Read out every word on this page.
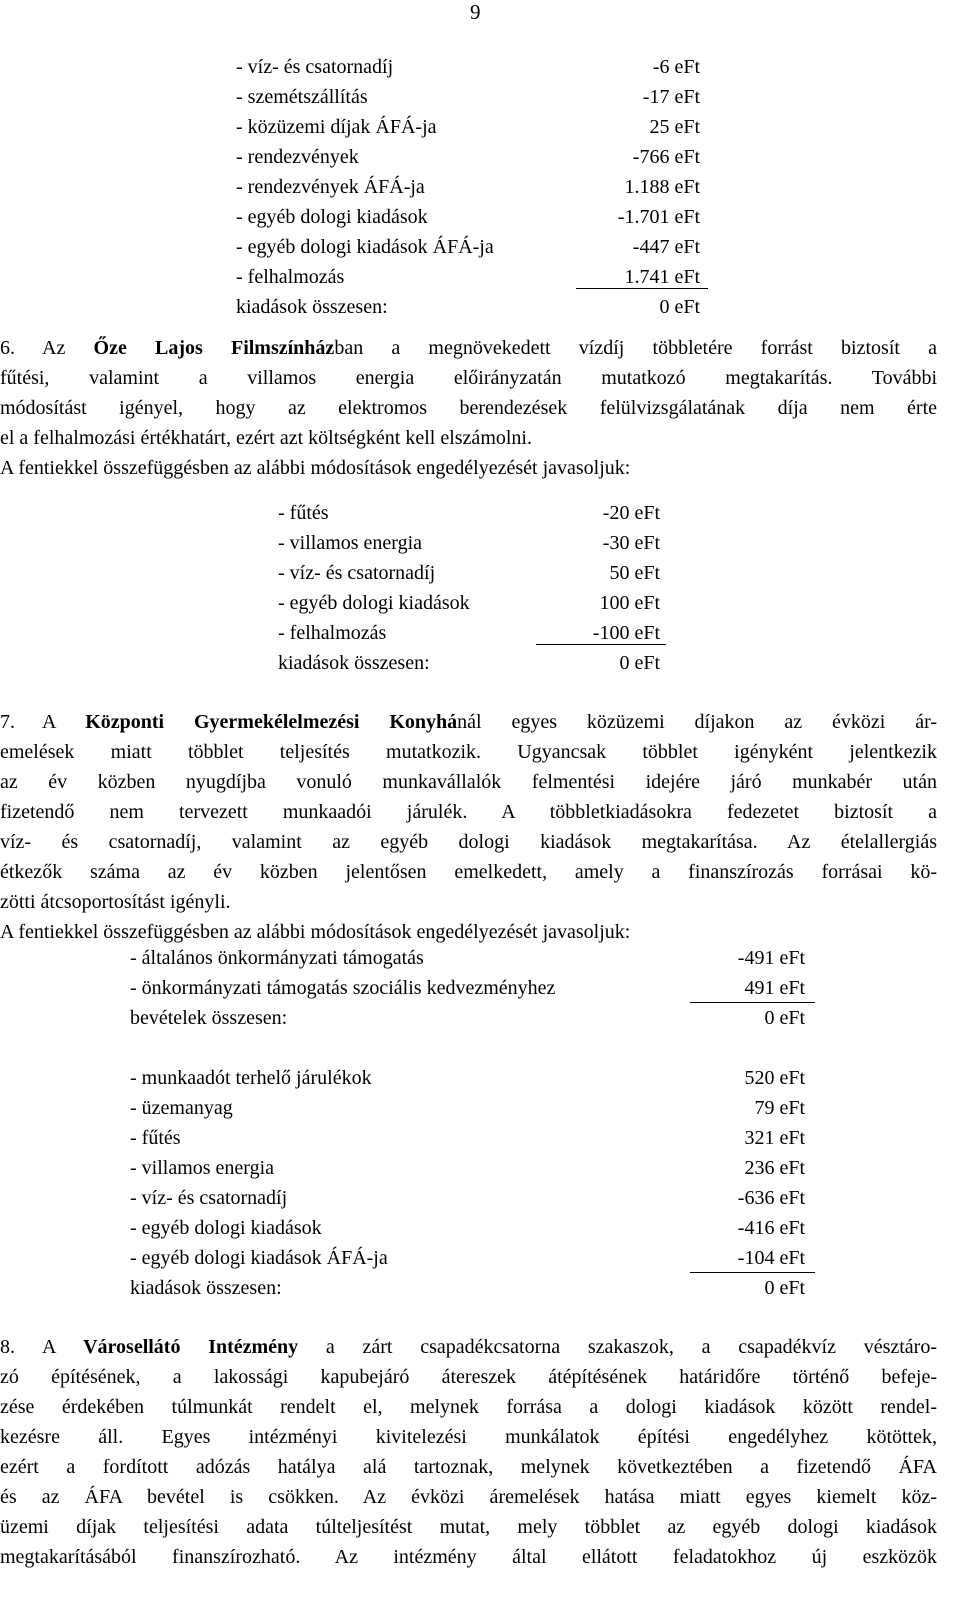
9
- víz- és csatornadíj	-6 eFt
- szemétszállítás	-17 eFt
- közüzemi díjak ÁFÁ-ja	25 eFt
- rendezvények	-766 eFt
- rendezvények ÁFÁ-ja	1.188 eFt
- egyéb dologi kiadások	-1.701 eFt
- egyéb dologi kiadások ÁFÁ-ja	-447 eFt
- felhalmozás	1.741 eFt
kiadások összesen:	0 eFt
6. Az Őze Lajos Filmszínházban a megnövekedett vízdíj többletére forrást biztosít a
fűtési, valamint a villamos energia előirányzatán mutatkozó megtakarítás. További
módosítást igényel, hogy az elektromos berendezések felülvizsgálatának díja nem érte
el a felhalmozási értékhatárt, ezért azt költségként kell elszámolni.
A fentiekkel összefüggésben az alábbi módosítások engedélyezését javasoljuk:
- fűtés	-20 eFt
- villamos energia	-30 eFt
- víz- és csatornadíj	50 eFt
- egyéb dologi kiadások	100 eFt
- felhalmozás	-100 eFt
kiadások összesen:	0 eFt
7. A Központi Gyermekélelmezési Konyhánál egyes közüzemi díjakon az évközi ár-
emelések miatt többlet teljesítés mutatkozik. Ugyancsak többlet igényként jelentkezik
az év közben nyugdíjba vonuló munkavállalók felmentési idejére járó munkabér után
fizetendő nem tervezett munkaadói járulék. A többletkiadásokra fedezetet biztosít a
víz- és csatornadíj, valamint az egyéb dologi kiadások megtakarítása. Az ételallergiás
étkezők száma az év közben jelentősen emelkedett, amely a finanszírozás forrásai kö-
zötti átcsoportosítást igényli.
A fentiekkel összefüggésben az alábbi módosítások engedélyezését javasoljuk:
- általános önkormányzati támogatás	-491 eFt
- önkormányzati támogatás szociális kedvezményhez	491 eFt
bevételek összesen:	0 eFt
- munkaadót terhelő járulékok	520 eFt
- üzemanyag	79 eFt
- fűtés	321 eFt
- villamos energia	236 eFt
- víz- és csatornadíj	-636 eFt
- egyéb dologi kiadások	-416 eFt
- egyéb dologi kiadások ÁFÁ-ja	-104 eFt
kiadások összesen:	0 eFt
8. A Városellátó Intézmény a zárt csapadékcsatorna szakaszok, a csapadékvíz vésztáro-
zó építésének, a lakossági kapubejáró átereszek átépítésének határidőre történő befeje-
zése érdekében túlmunkát rendelt el, melynek forrása a dologi kiadások között rendel-
kezésre áll. Egyes intézményi kivitelezési munkálatok építési engedélyhez kötöttek,
ezért a fordított adózás hatálya alá tartoznak, melynek következtében a fizetendő ÁFA
és az ÁFA bevétel is csökken. Az évközi áremelések hatása miatt egyes kiemelt köz-
üzemi díjak teljesítési adata túlteljesítést mutat, mely többlet az egyéb dologi kiadások
megtakarításából finanszírozható. Az intézmény által ellátott feladatokhoz új eszközök
